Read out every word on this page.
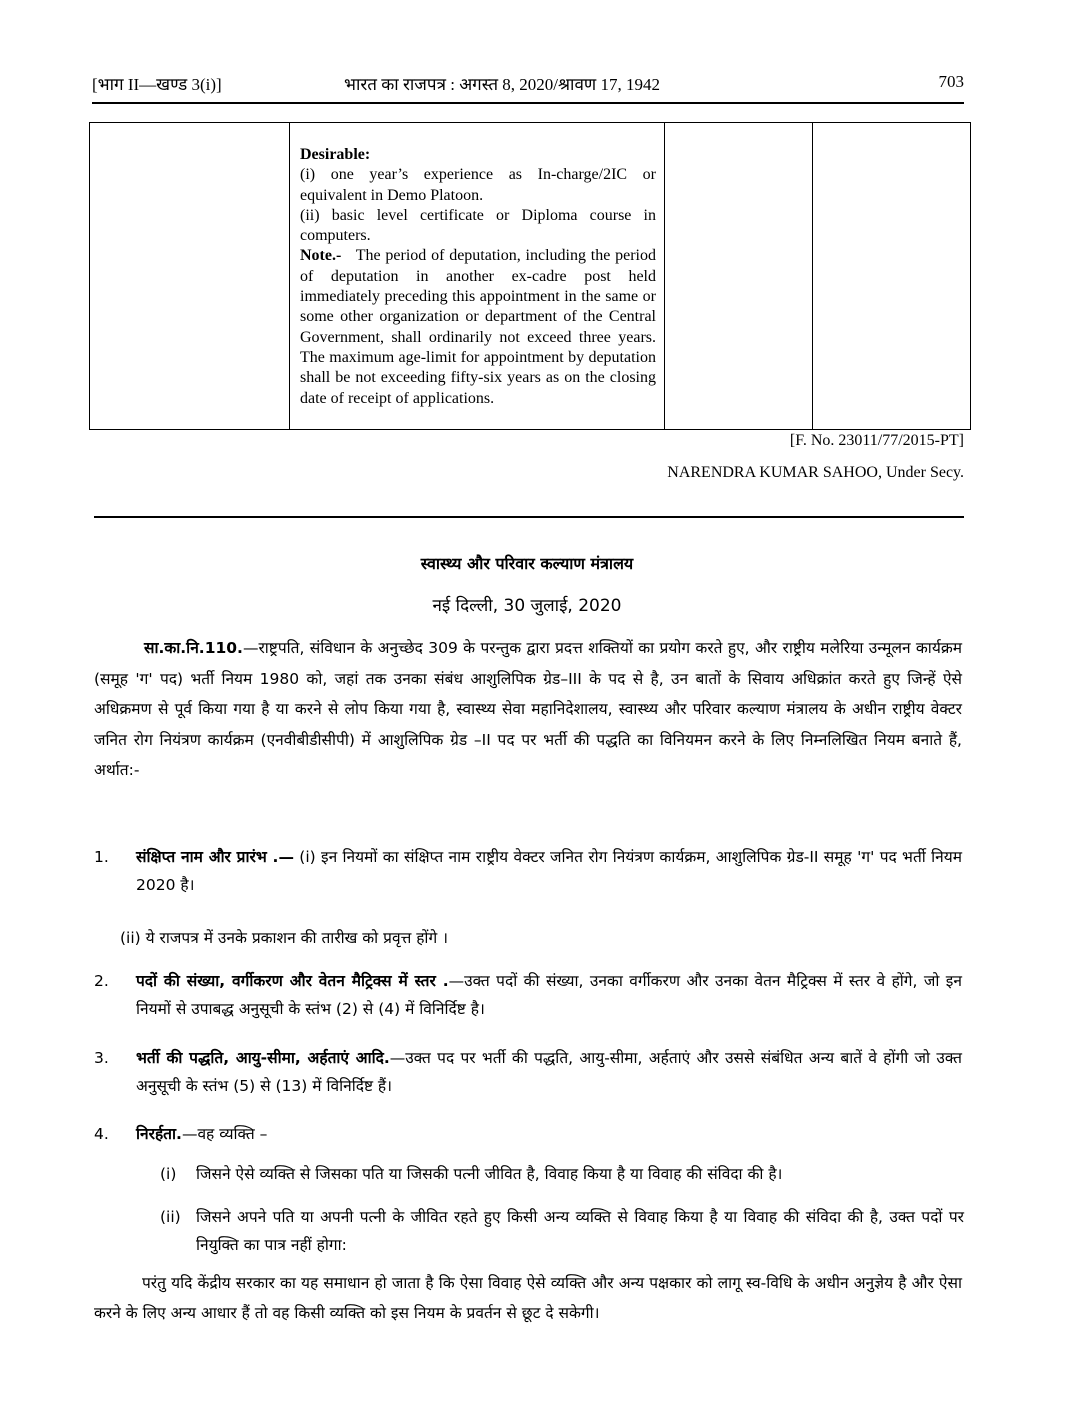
[भाग II—खण्ड 3(i)]	भारत का राजपत्र : अगस्त 8, 2020/श्रावण 17, 1942	703

Desirable:

(i) one year’s experience as In-charge/2IC or equivalent in Demo Platoon.

(ii) basic level certificate or Diploma course in computers.

Note.- The period of deputation, including the period of deputation in another ex-cadre post held immediately preceding this appointment in the same or some other organization or department of the Central Government, shall ordinarily not exceed three years. The maximum age-limit for appointment by deputation shall be not exceeding fifty-six years as on the closing date of receipt of applications.

[F. No. 23011/77/2015-PT]
NARENDRA KUMAR SAHOO, Under Secy.
स्वास्थ्य और परिवार कल्याण मंत्रालय
नई दिल्ली, 30 जुलाई, 2020
सा.का.नि.110.—राष्ट्रपति, संविधान के अनुच्छेद 309 के परन्तुक द्वारा प्रदत्त शक्तियों का प्रयोग करते हुए, और राष्ट्रीय मलेरिया उन्मूलन कार्यक्रम (समूह 'ग' पद) भर्ती नियम 1980 को, जहां तक उनका संबंध आशुलिपिक ग्रेड–III के पद से है, उन बातों के सिवाय अधिक्रांत करते हुए जिन्हें ऐसे अधिक्रमण से पूर्व किया गया है या करने से लोप किया गया है, स्वास्थ्य सेवा महानिदेशालय, स्वास्थ्य और परिवार कल्याण मंत्रालय के अधीन राष्ट्रीय वेक्टर जनित रोग नियंत्रण कार्यक्रम (एनवीबीडीसीपी) में आशुलिपिक ग्रेड –II पद पर भर्ती की पद्धति का विनियमन करने के लिए निम्नलिखित नियम बनाते हैं, अर्थात:-
1.	संक्षिप्त नाम और प्रारंभ .— (i) इन नियमों का संक्षिप्त नाम राष्ट्रीय वेक्टर जनित रोग नियंत्रण कार्यक्रम, आशुलिपिक ग्रेड-II समूह 'ग' पद भर्ती नियम 2020 है।
(ii) ये राजपत्र में उनके प्रकाशन की तारीख को प्रवृत्त होंगे ।
2.	पदों की संख्या, वर्गीकरण और वेतन मैट्रिक्स में स्तर .—उक्त पदों की संख्या, उनका वर्गीकरण और उनका वेतन मैट्रिक्स में स्तर वे होंगे, जो इन नियमों से उपाबद्ध अनुसूची के स्तंभ (2) से (4) में विनिर्दिष्ट है।
3.	भर्ती की पद्धति, आयु-सीमा, अर्हताएं आदि.—उक्त पद पर भर्ती की पद्धति, आयु-सीमा, अर्हताएं और उससे संबंधित अन्य बातें वे होंगी जो उक्त अनुसूची के स्तंभ (5) से (13) में विनिर्दिष्ट हैं।
4.	निरर्हता.—वह व्यक्ति –
(i)	जिसने ऐसे व्यक्ति से जिसका पति या जिसकी पत्नी जीवित है, विवाह किया है या विवाह की संविदा की है।
(ii) जिसने अपने पति या अपनी पत्नी के जीवित रहते हुए किसी अन्य व्यक्ति से विवाह किया है या विवाह की संविदा की है, उक्त पदों पर नियुक्ति का पात्र नहीं होगा:
परंतु यदि केंद्रीय सरकार का यह समाधान हो जाता है कि ऐसा विवाह ऐसे व्यक्ति और अन्य पक्षकार को लागू स्व-विधि के अधीन अनुज्ञेय है और ऐसा करने के लिए अन्य आधार हैं तो वह किसी व्यक्ति को इस नियम के प्रवर्तन से छूट दे सकेगी।
